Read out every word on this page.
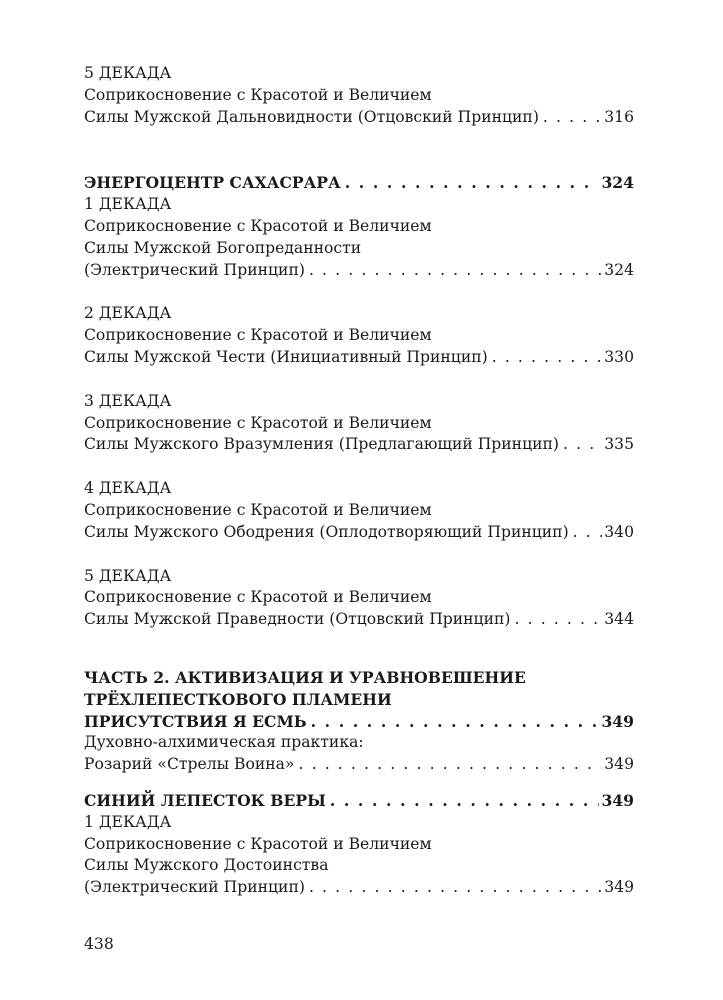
5 ДЕКАДА
Соприкосновение с Красотой и Величием
Силы Мужской Дальновидности (Отцовский Принцип) . . .	316
ЭНЕРГОЦЕНТР САХАСРАРА . . .	324
1 ДЕКАДА
Соприкосновение с Красотой и Величием
Силы Мужской Богопреданности
(Электрический Принцип) . . .	324
2 ДЕКАДА
Соприкосновение с Красотой и Величием
Силы Мужской Чести (Инициативный Принцип) . . .	330
3 ДЕКАДА
Соприкосновение с Красотой и Величием
Силы Мужского Вразумления (Предлагающий Принцип) . . .	335
4 ДЕКАДА
Соприкосновение с Красотой и Величием
Силы Мужского Ободрения (Оплодотворяющий Принцип) . . . 340
5 ДЕКАДА
Соприкосновение с Красотой и Величием
Силы Мужской Праведности (Отцовский Принцип) . . .	344
ЧАСТЬ 2. АКТИВИЗАЦИЯ И УРАВНОВЕШЕНИЕ
ТРЁХЛЕПЕСТКОВОГО ПЛАМЕНИ
ПРИСУТСТВИЯ Я ЕСМЬ . . .	349
Духовно-алхимическая практика:
Розарий «Стрелы Воина» . . .	349
СИНИЙ ЛЕПЕСТОК ВЕРЫ . . .	349
1 ДЕКАДА
Соприкосновение с Красотой и Величием
Силы Мужского Достоинства
(Электрический Принцип) . . .	349
438
